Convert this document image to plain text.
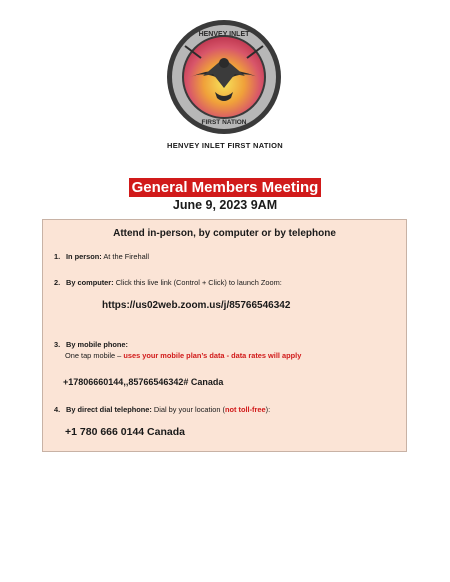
HENVEY INLET
FIRST NATION
HENVEY INLET FIRST NATION
General Members Meeting
June 9, 2023 9AM
Attend in-person, by computer or by telephone
1. In person: At the Firehall
2. By computer: Click this live link (Control + Click) to launch Zoom:
https://us02web.zoom.us/j/85766546342
3. By mobile phone:
One tap mobile – uses your mobile plan’s data - data rates will apply
+17806660144,,85766546342# Canada
4. By direct dial telephone: Dial by your location (not toll-free):
+1 780 666 0144 Canada
